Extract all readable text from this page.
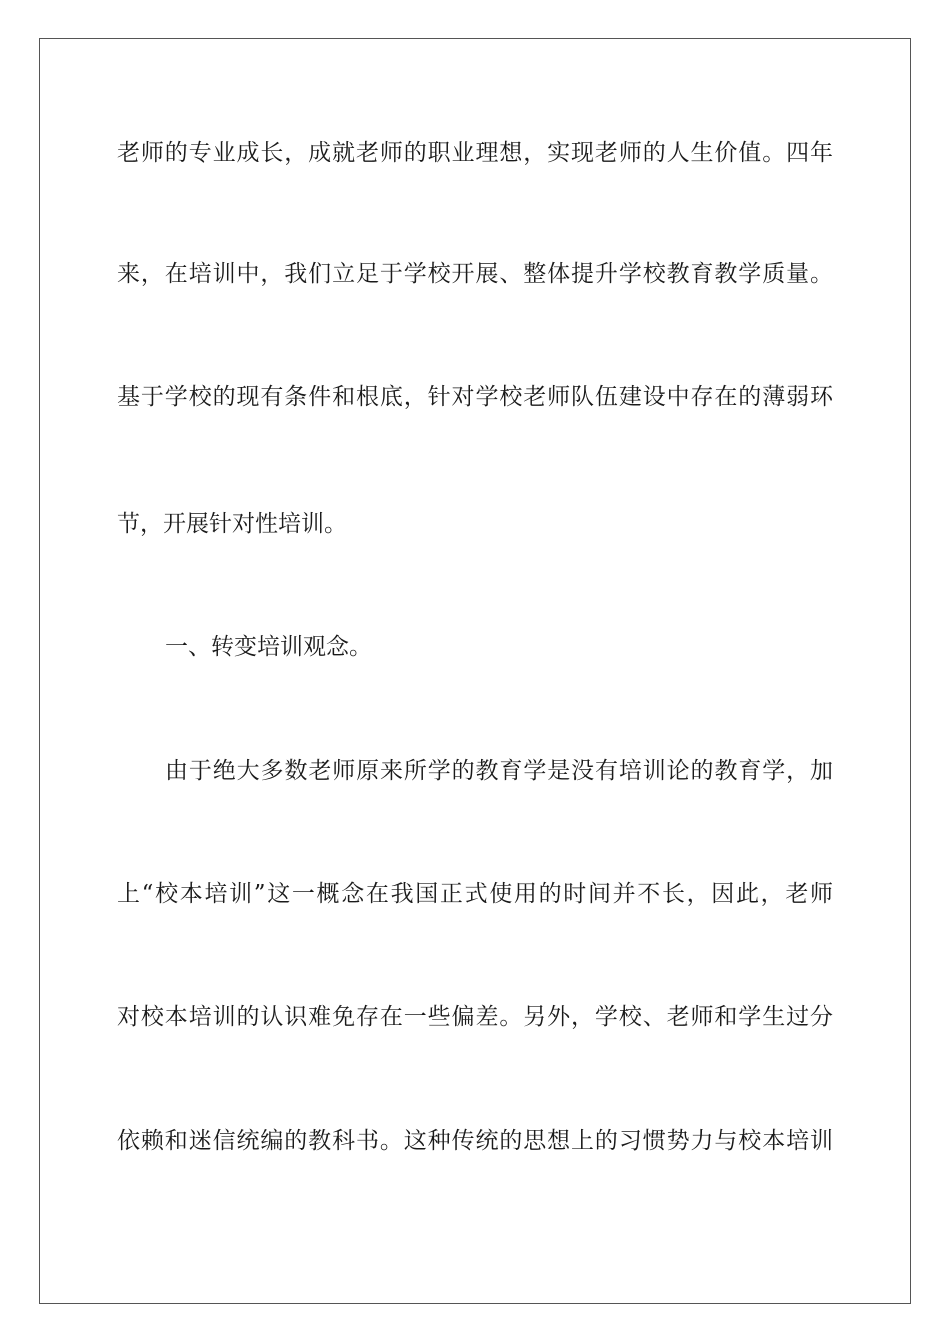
老师的专业成长，成就老师的职业理想，实现老师的人生价值。四年
来，在培训中，我们立足于学校开展、整体提升学校教育教学质量。
基于学校的现有条件和根底，针对学校老师队伍建设中存在的薄弱环
节，开展针对性培训。
一、转变培训观念。
由于绝大多数老师原来所学的教育学是没有培训论的教育学，加
上“校本培训”这一概念在我国正式使用的时间并不长，因此，老师
对校本培训的认识难免存在一些偏差。另外，学校、老师和学生过分
依赖和迷信统编的教科书。这种传统的思想上的习惯势力与校本培训
